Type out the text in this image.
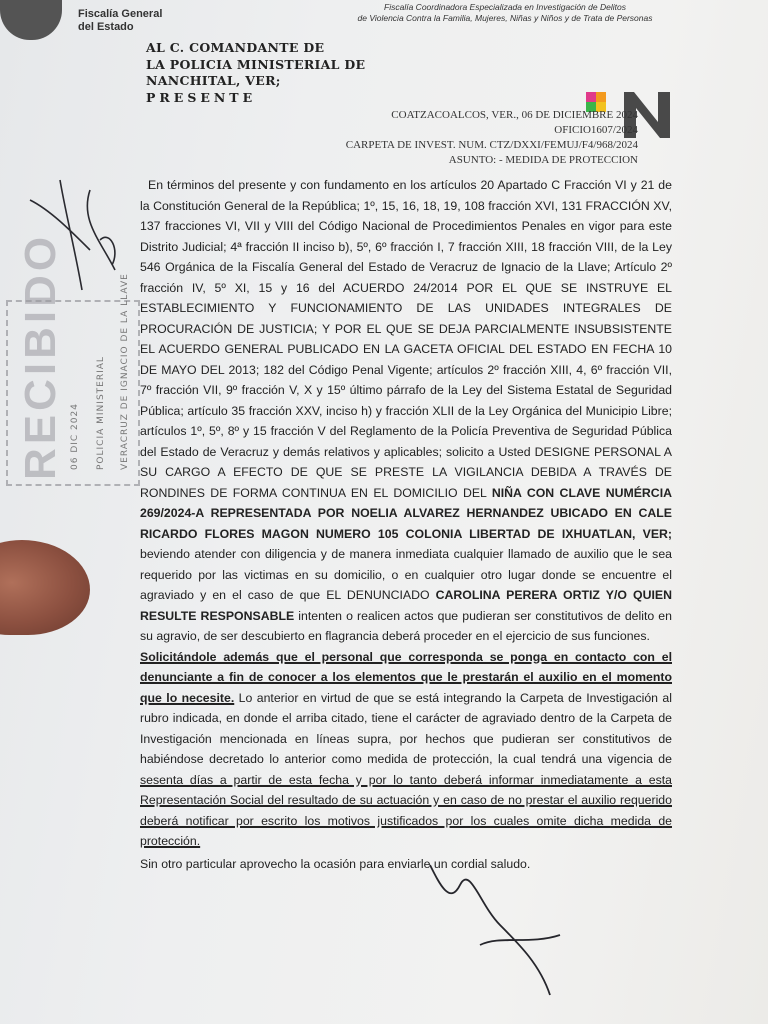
Fiscalía General
del Estado
Fiscalía Coordinadora Especializada en Investigación de Delitos
de Violencia Contra la Familia, Mujeres, Niñas y Niños y de Trata de Personas
AL C. COMANDANTE DE
LA POLICIA MINISTERIAL DE
NANCHITAL, VER;
PRESENTE
COATZACOALCOS, VER., 06 DE DICIEMBRE 2024
OFICIO1607/2024
CARPETA DE INVEST. NUM. CTZ/DXXI/FEMUJ/F4/968/2024
ASUNTO: - MEDIDA DE PROTECCION
RECIBIDO 06 DIC 2024 POLICIA MINISTERIAL VERACRUZ DE IGNACIO DE LA LLAVE

En términos del presente y con fundamento en los artículos 20 Apartado C Fracción VI y 21 de la Constitución General de la República; 1º, 15, 16, 18, 19, 108 fracción XVI, 131 FRACCIÓN XV, 137 fracciones VI, VII y VIII del Código Nacional de Procedimientos Penales en vigor para este Distrito Judicial; 4ª fracción II inciso b), 5º, 6º fracción I, 7 fracción XIII, 18 fracción VIII, de la Ley 546 Orgánica de la Fiscalía General del Estado de Veracruz de Ignacio de la Llave; Artículo 2º fracción IV, 5º XI, 15 y 16 del ACUERDO 24/2014 POR EL QUE SE INSTRUYE EL ESTABLECIMIENTO Y FUNCIONAMIENTO DE LAS UNIDADES INTEGRALES DE PROCURACIÓN DE JUSTICIA; Y POR EL QUE SE DEJA PARCIALMENTE INSUBSISTENTE EL ACUERDO GENERAL PUBLICADO EN LA GACETA OFICIAL DEL ESTADO EN FECHA 10 DE MAYO DEL 2013; 182 del Código Penal Vigente; artículos 2º fracción XIII, 4, 6º fracción VII, 7º fracción VII, 9º fracción V, X y 15º último párrafo de la Ley del Sistema Estatal de Seguridad Pública; artículo 35 fracción XXV, inciso h) y fracción XLII de la Ley Orgánica del Municipio Libre; artículos 1º, 5º, 8º y 15 fracción V del Reglamento de la Policía Preventiva de Seguridad Pública del Estado de Veracruz y demás relativos y aplicables; solicito a Usted DESIGNE PERSONAL A SU CARGO A EFECTO DE QUE SE PRESTE LA VIGILANCIA DEBIDA A TRAVÉS DE RONDINES DE FORMA CONTINUA EN EL DOMICILIO DEL NIÑA CON CLAVE NUMÉRCIA 269/2024-A REPRESENTADA POR NOELIA ALVAREZ HERNANDEZ UBICADO EN CALE RICARDO FLORES MAGON NUMERO 105 COLONIA LIBERTAD DE IXHUATLAN, VER; beviendo atender con diligencia y de manera inmediata cualquier llamado de auxilio que le sea requerido por las victimas en su domicilio, o en cualquier otro lugar donde se encuentre el agraviado y en el caso de que EL DENUNCIADO CAROLINA PERERA ORTIZ Y/O QUIEN RESULTE RESPONSABLE intenten o realicen actos que pudieran ser constitutivos de delito en su agravio, de ser descubierto en flagrancia deberá proceder en el ejercicio de sus funciones.

Solicitándole además que el personal que corresponda se ponga en contacto con el denunciante a fin de conocer a los elementos que le prestarán el auxilio en el momento que lo necesite. Lo anterior en virtud de que se está integrando la Carpeta de Investigación al rubro indicada, en donde el arriba citado, tiene el carácter de agraviado dentro de la Carpeta de Investigación mencionada en líneas supra, por hechos que pudieran ser constitutivos de habiéndose decretado lo anterior como medida de protección, la cual tendrá una vigencia de sesenta días a partir de esta fecha y por lo tanto deberá informar inmediatamente a esta Representación Social del resultado de su actuación y en caso de no prestar el auxilio requerido deberá notificar por escrito los motivos justificados por los cuales omite dicha medida de protección.

Sin otro particular aprovecho la ocasión para enviarle un cordial saludo.
